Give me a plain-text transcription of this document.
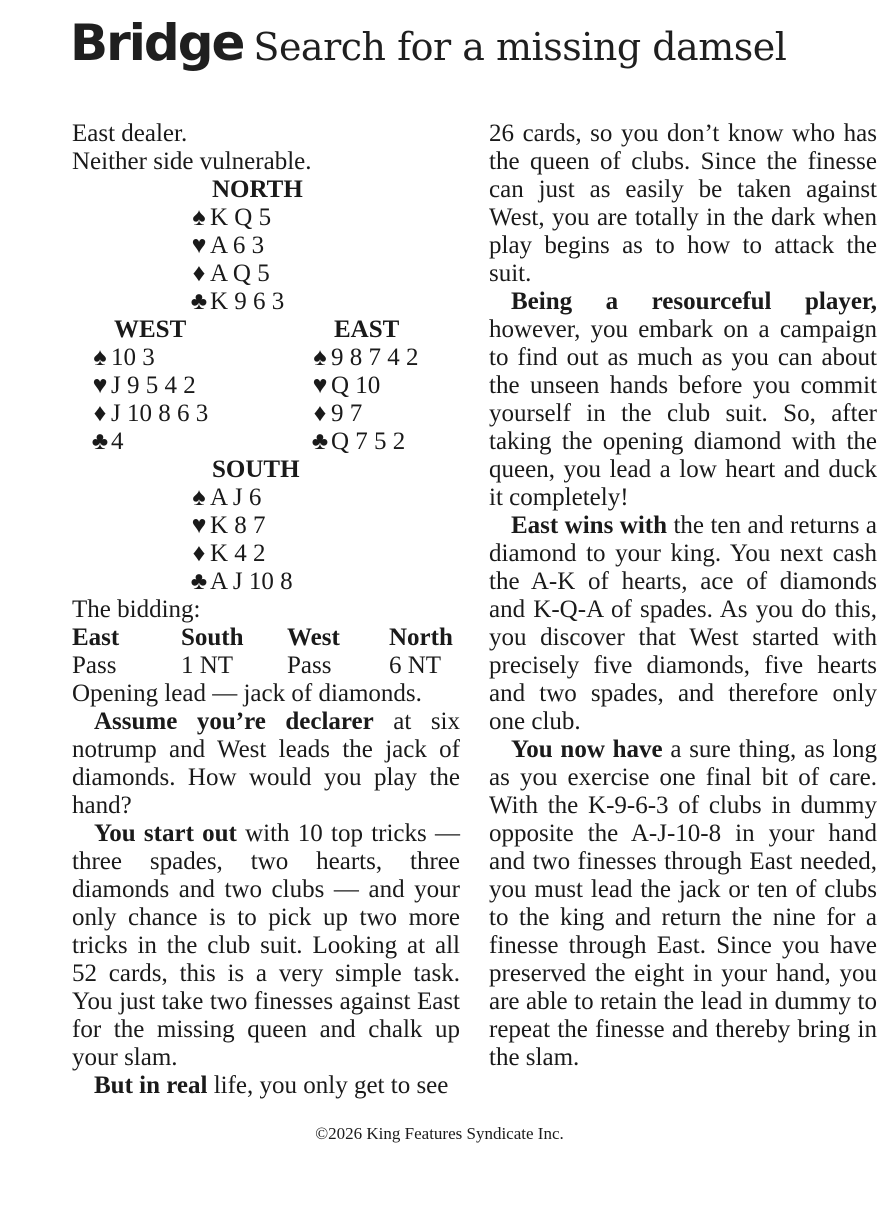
Bridge Search for a missing damsel
East dealer.
Neither side vulnerable.
NORTH
♠ K Q 5
♥ A 6 3
♦ A Q 5
♣ K 9 6 3
WEST	EAST
♠ 10 3
♥ J 9 5 4 2
♦ J 10 8 6 3
♣ 4
♠ 9 8 7 4 2
♥ Q 10
♦ 9 7
♣ Q 7 5 2
SOUTH
♠ A J 6
♥ K 8 7
♦ K 4 2
♣ A J 10 8
The bidding:
East South West North
Pass	1 NT Pass 6 NT
Opening lead — jack of diamonds.

Assume you’re declarer at six notrump and West leads the jack of diamonds. How would you play the hand?

You start out with 10 top tricks — three spades, two hearts, three diamonds and two clubs — and your only chance is to pick up two more tricks in the club suit. Looking at all 52 cards, this is a very simple task. You just take two finesses against East for the missing queen and chalk up your slam.

But in real life, you only get to see

26 cards, so you don’t know who has the queen of clubs. Since the finesse can just as easily be taken against West, you are totally in the dark when play begins as to how to attack the suit.

Being a resourceful player, however, you embark on a campaign to find out as much as you can about the unseen hands before you commit yourself in the club suit. So, after taking the opening diamond with the queen, you lead a low heart and duck it completely!

East wins with the ten and returns a diamond to your king. You next cash the A-K of hearts, ace of diamonds and K-Q-A of spades. As you do this, you discover that West started with precisely five diamonds, five hearts and two spades, and therefore only one club.

You now have a sure thing, as long as you exercise one final bit of care. With the K-9-6-3 of clubs in dummy opposite the A-J-10-8 in your hand and two finesses through East needed, you must lead the jack or ten of clubs to the king and return the nine for a finesse through East. Since you have preserved the eight in your hand, you are able to retain the lead in dummy to repeat the finesse and thereby bring in the slam.

©2026 King Features Syndicate Inc.
